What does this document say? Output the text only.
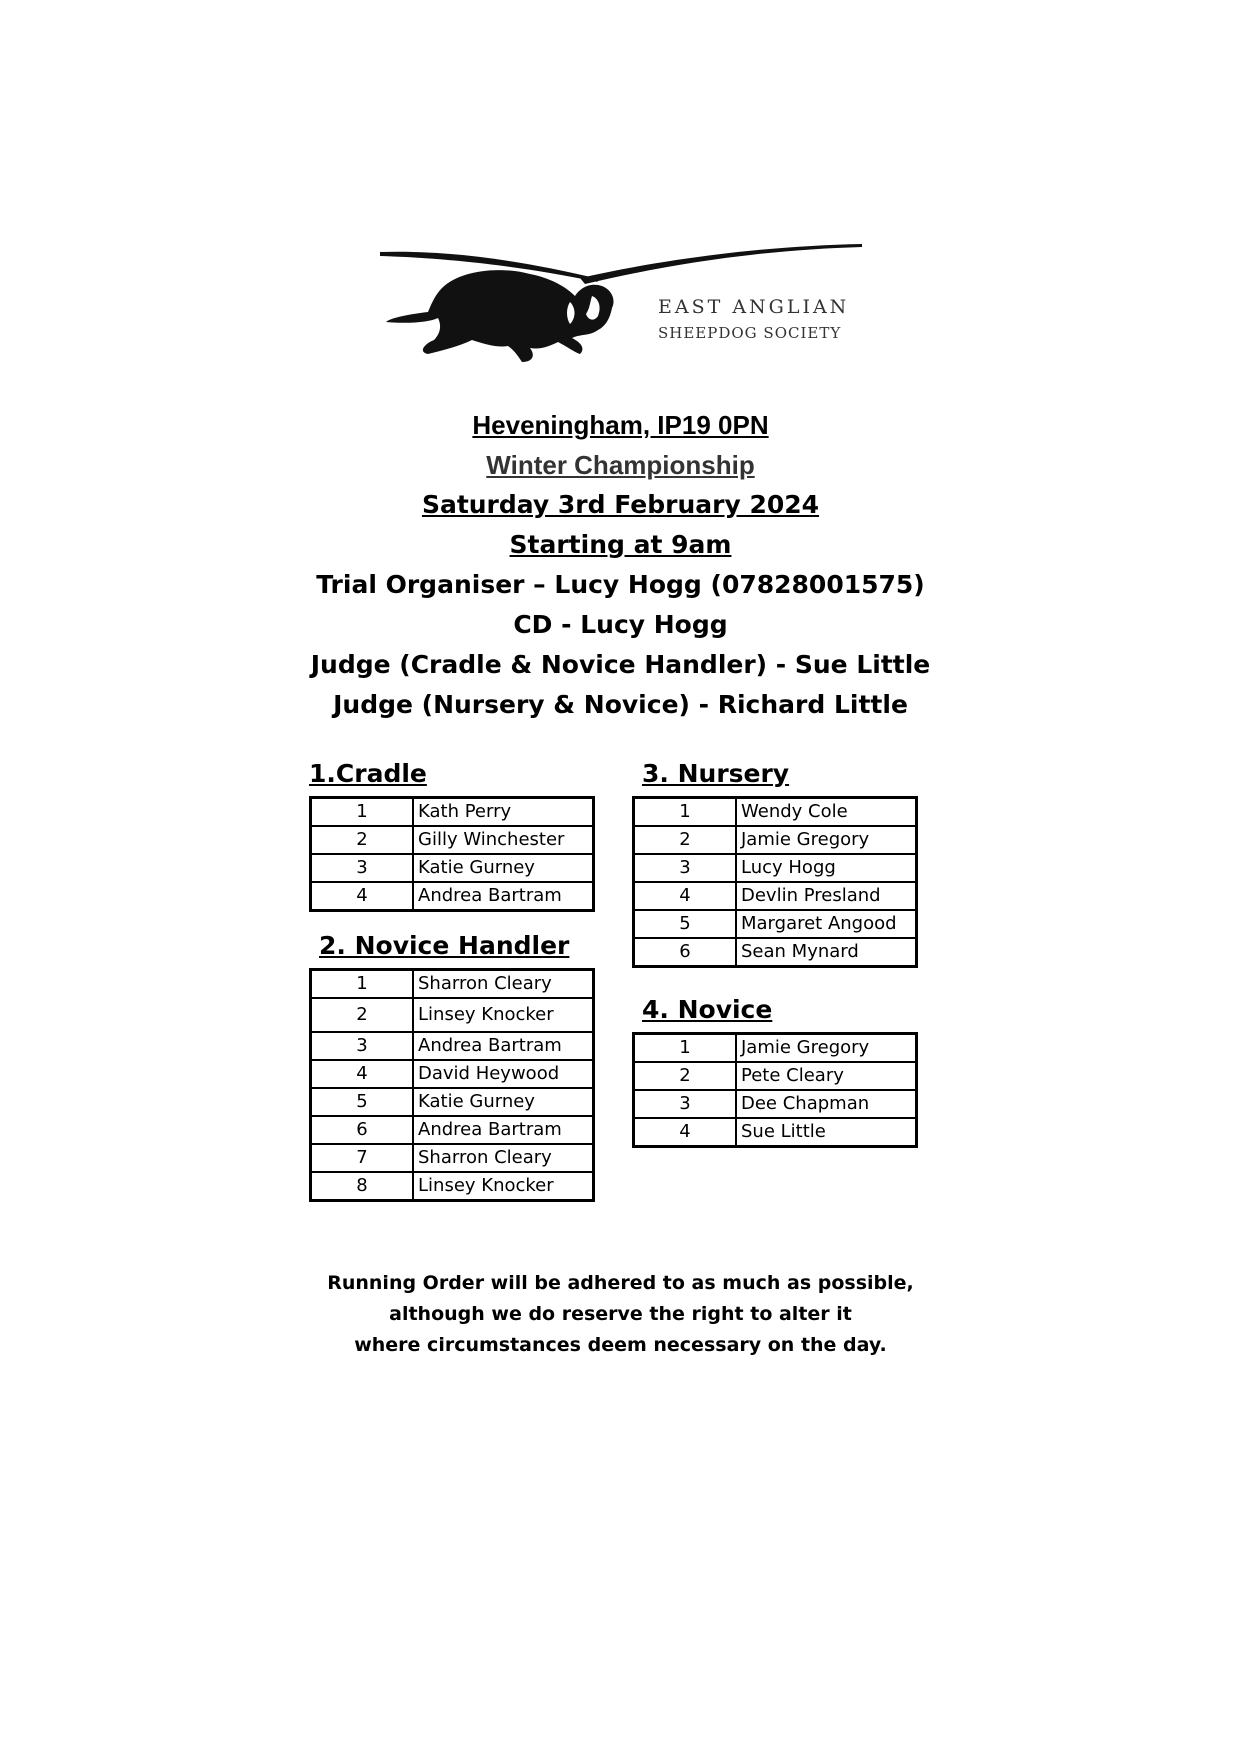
EAST ANGLIAN
SHEEPDOG SOCIETY
Heveningham, IP19 0PN
Winter Championship
Saturday 3rd February 2024
Starting at 9am
Trial Organiser – Lucy Hogg (07828001575)
CD - Lucy Hogg
Judge (Cradle & Novice Handler) - Sue Little
Judge (Nursery & Novice) - Richard Little
1.Cradle
1	Kath Perry
2	Gilly Winchester
3	Katie Gurney
4	Andrea Bartram
2. Novice Handler
1	Sharron Cleary
2	Linsey Knocker
3	Andrea Bartram
4	David Heywood
5	Katie Gurney
6	Andrea Bartram
7	Sharron Cleary
8	Linsey Knocker
3. Nursery
1	Wendy Cole
2	Jamie Gregory
3	Lucy Hogg
4	Devlin Presland
5	Margaret Angood
6	Sean Mynard
4. Novice
1	Jamie Gregory
2	Pete Cleary
3	Dee Chapman
4	Sue Little
Running Order will be adhered to as much as possible,
although we do reserve the right to alter it
where circumstances deem necessary on the day.
